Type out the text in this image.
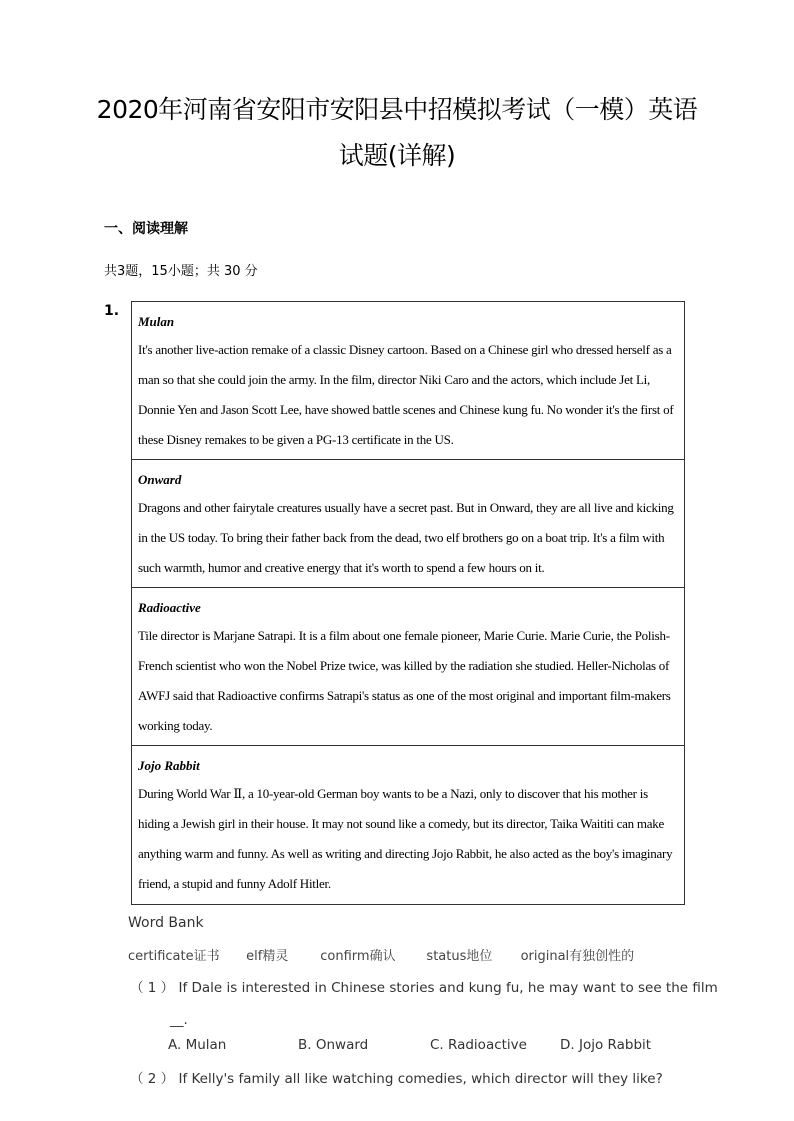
2020年河南省安阳市安阳县中招模拟考试（一模）英语
试题(详解)
一、阅读理解
共3题，15小题；共 30 分
1.
Mulan
It's another live-action remake of a classic Disney cartoon. Based on a Chinese girl who dressed herself as a man so that she could join the army. In the film, director Niki Caro and the actors, which include Jet Li, Donnie Yen and Jason Scott Lee, have showed battle scenes and Chinese kung fu. No wonder it's the first of these Disney remakes to be given a PG-13 certificate in the US.
Onward
Dragons and other fairytale creatures usually have a secret past. But in Onward, they are all live and kicking in the US today. To bring their father back from the dead, two elf brothers go on a boat trip. It's a film with such warmth, humor and creative energy that it's worth to spend a few hours on it.
Radioactive
Tile director is Marjane Satrapi. It is a film about one female pioneer, Marie Curie. Marie Curie, the Polish-French scientist who won the Nobel Prize twice, was killed by the radiation she studied. Heller-Nicholas of AWFJ said that Radioactive confirms Satrapi's status as one of the most original and important film-makers working today.
Jojo Rabbit
During World War Ⅱ, a 10-year-old German boy wants to be a Nazi, only to discover that his mother is hiding a Jewish girl in their house. It may not sound like a comedy, but its director, Taika Waititi can make anything warm and funny. As well as writing and directing Jojo Rabbit, he also acted as the boy's imaginary friend, a stupid and funny Adolf Hitler.
Word Bank
certificate证书 elf精灵 confirm确认 status地位 original有独创性的
（ 1 ） If Dale is interested in Chinese stories and kung fu, he may want to see the film
__.
A. Mulan	B. Onward	C. Radioactive D. Jojo Rabbit
（ 2 ） If Kelly's family all like watching comedies, which director will they like?
